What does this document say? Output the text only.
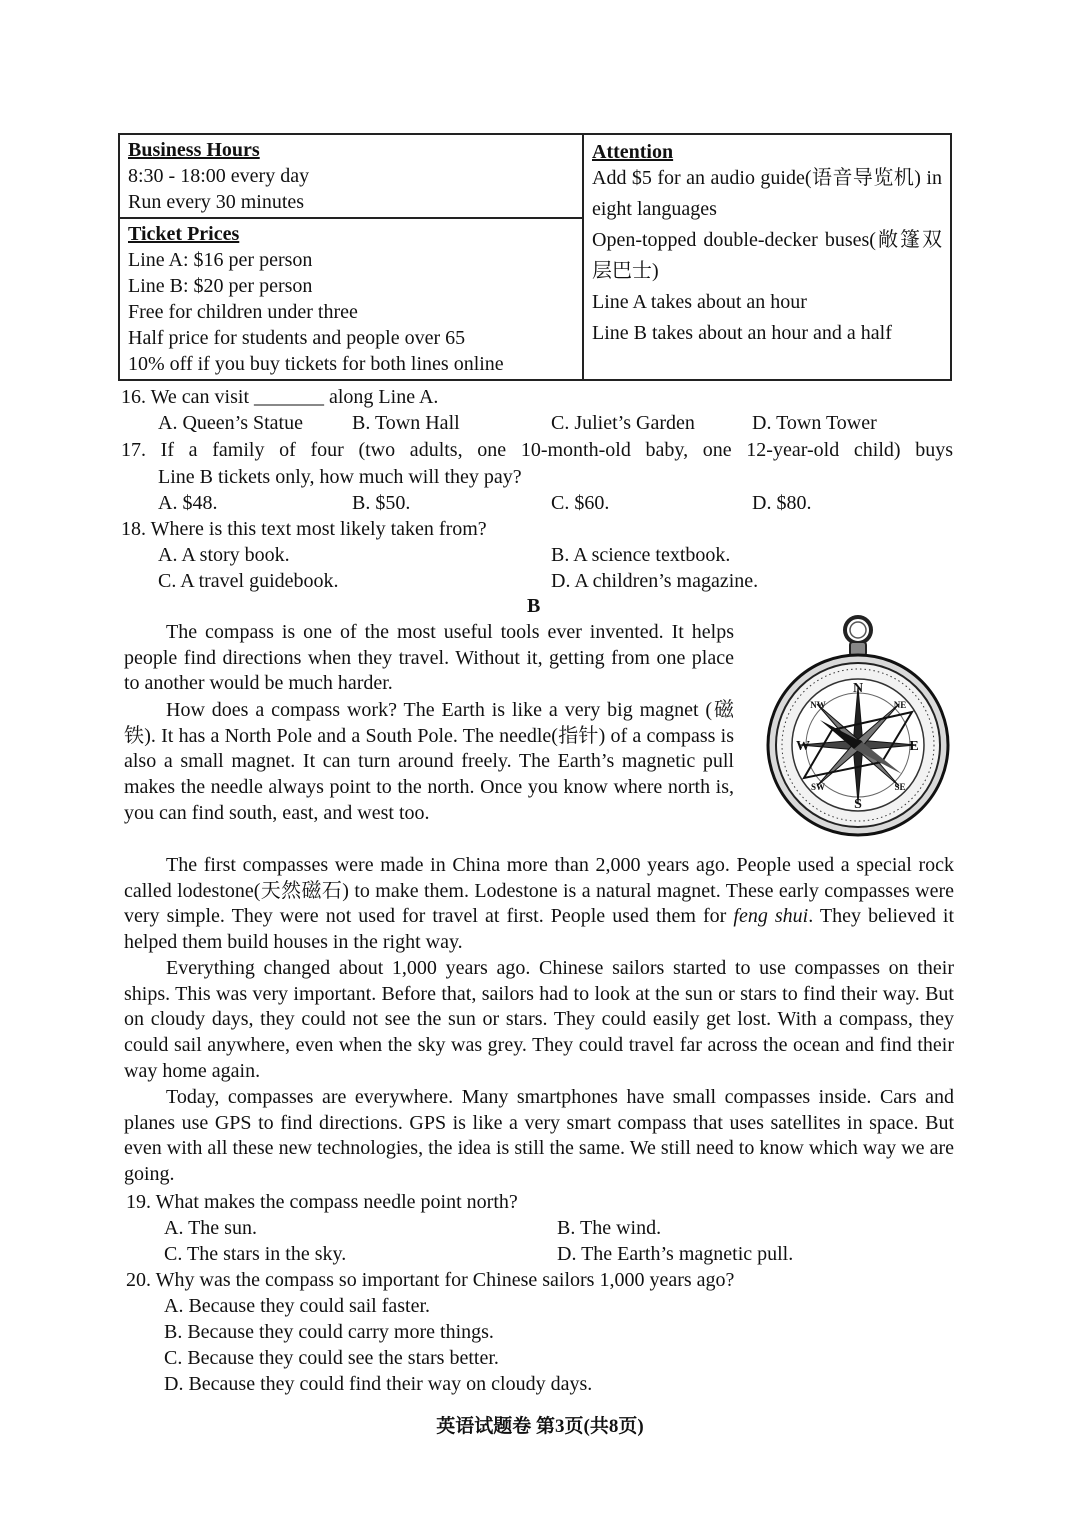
Business Hours
8:30 - 18:00 every day
Run every 30 minutes
Ticket Prices
Line A: $16 per person
Line B: $20 per person
Free for children under three
Half price for students and people over 65
10% off if you buy tickets for both lines online
Attention
Add $5 for an audio guide(语音导览机) in eight languages
Open-topped double-decker buses(敞篷双层巴士)
Line A takes about an hour
Line B takes about an hour and a half
16. We can visit _______ along Line A.
A. Queen’s Statue B. Town Hall	C. Juliet’s Garden	D. Town Tower
17. If a family of four (two adults, one 10-month-old baby, one 12-year-old child) buys
Line B tickets only, how much will they pay?
A. $48.	B. $50.	C. $60.	D. $80.
18. Where is this text most likely taken from?
A. A story book.	B. A science textbook.
C. A travel guidebook.	D. A children’s magazine.
B

The compass is one of the most useful tools ever invented. It helps people find directions when they travel. Without it, getting from one place to another would be much harder.

How does a compass work? The Earth is like a very big magnet (磁铁). It has a North Pole and a South Pole. The needle(指针) of a compass is also a small magnet. It can turn around freely. The Earth’s magnetic pull makes the needle always point to the north. Once you know where north is, you can find south, east, and west too.

N
NE
E
SE
S
SW
W
NW

The first compasses were made in China more than 2,000 years ago. People used a special rock called lodestone(天然磁石) to make them. Lodestone is a natural magnet. These early compasses were very simple. They were not used for travel at first. People used them for feng shui. They believed it helped them build houses in the right way.

Everything changed about 1,000 years ago. Chinese sailors started to use compasses on their ships. This was very important. Before that, sailors had to look at the sun or stars to find their way. But on cloudy days, they could not see the sun or stars. They could easily get lost. With a compass, they could sail anywhere, even when the sky was grey. They could travel far across the ocean and find their way home again.

Today, compasses are everywhere. Many smartphones have small compasses inside. Cars and planes use GPS to find directions. GPS is like a very smart compass that uses satellites in space. But even with all these new technologies, the idea is still the same. We still need to know which way we are going.

19. What makes the compass needle point north?
A. The sun.	B. The wind.
C. The stars in the sky.	D. The Earth’s magnetic pull.
20. Why was the compass so important for Chinese sailors 1,000 years ago?
A. Because they could sail faster.
B. Because they could carry more things.
C. Because they could see the stars better.
D. Because they could find their way on cloudy days.
英语试题卷 第3页(共8页)
